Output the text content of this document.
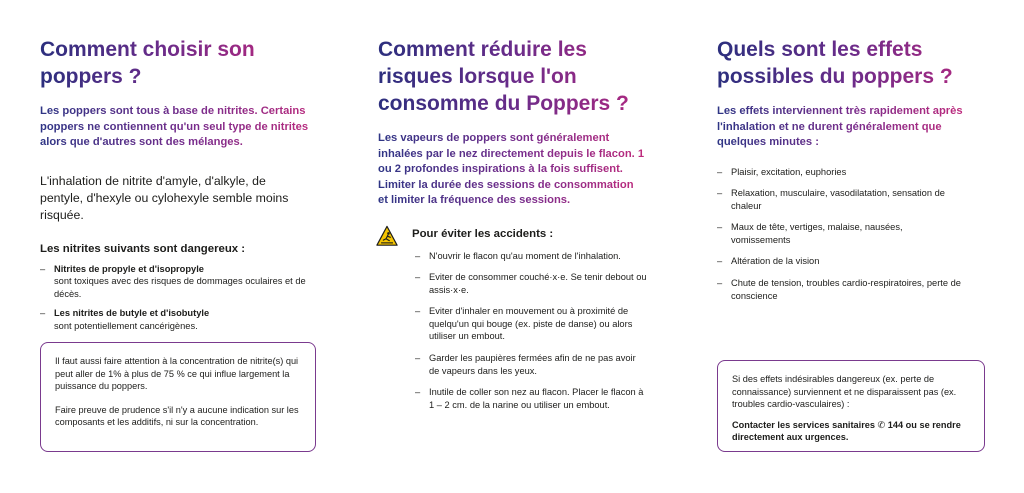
Comment choisir son poppers ?

Les poppers sont tous à base de nitrites. Certains poppers ne contiennent qu'un seul type de nitrites alors que d'autres sont des mélanges.

L'inhalation de nitrite d'amyle, d'alkyle, de pentyle, d'hexyle ou cylohexyle semble moins risquée.

Les nitrites suivants sont dangereux :

– Nitrites de propyle et d'isopropyle
sont toxiques avec des risques de dommages oculaires et de décès.
– Les nitrites de butyle et d'isobutyle
sont potentiellement cancérigènes.

Il faut aussi faire attention à la concentration de nitrite(s) qui peut aller de 1% à plus de 75 % ce qui influe largement la puissance du poppers.

Faire preuve de prudence s'il n'y a aucune indication sur les composants et les additifs, ni sur la concentration.

Comment réduire les risques lorsque l'on consomme du Poppers ?

Les vapeurs de poppers sont généralement inhalées par le nez directement depuis le flacon. 1 ou 2 profondes inspirations à la fois suffisent. Limiter la durée des sessions de consommation et limiter la fréquence des sessions.

Pour éviter les accidents :

– N'ouvrir le flacon qu'au moment de l'inhalation.
– Eviter de consommer couché·x·e. Se tenir debout ou assis·x·e.
– Eviter d'inhaler en mouvement ou à proximité de quelqu'un qui bouge (ex. piste de danse) ou alors utiliser un embout.
– Garder les paupières fermées afin de ne pas avoir de vapeurs dans les yeux.
– Inutile de coller son nez au flacon. Placer le flacon à 1 – 2 cm. de la narine ou utiliser un embout.
Quels sont les effets possibles du poppers ?

Les effets interviennent très rapidement après l'inhalation et ne durent généralement que quelques minutes :

– Plaisir, excitation, euphories
– Relaxation, musculaire, vasodilatation, sensation de chaleur
– Maux de tête, vertiges, malaise, nausées, vomissements
– Altération de la vision
– Chute de tension, troubles cardio-respiratoires, perte de conscience

Si des effets indésirables dangereux (ex. perte de connaissance) surviennent et ne disparaissent pas (ex. troubles cardio-vasculaires) :

Contacter les services sanitaires ✆ 144 ou se rendre directement aux urgences.
